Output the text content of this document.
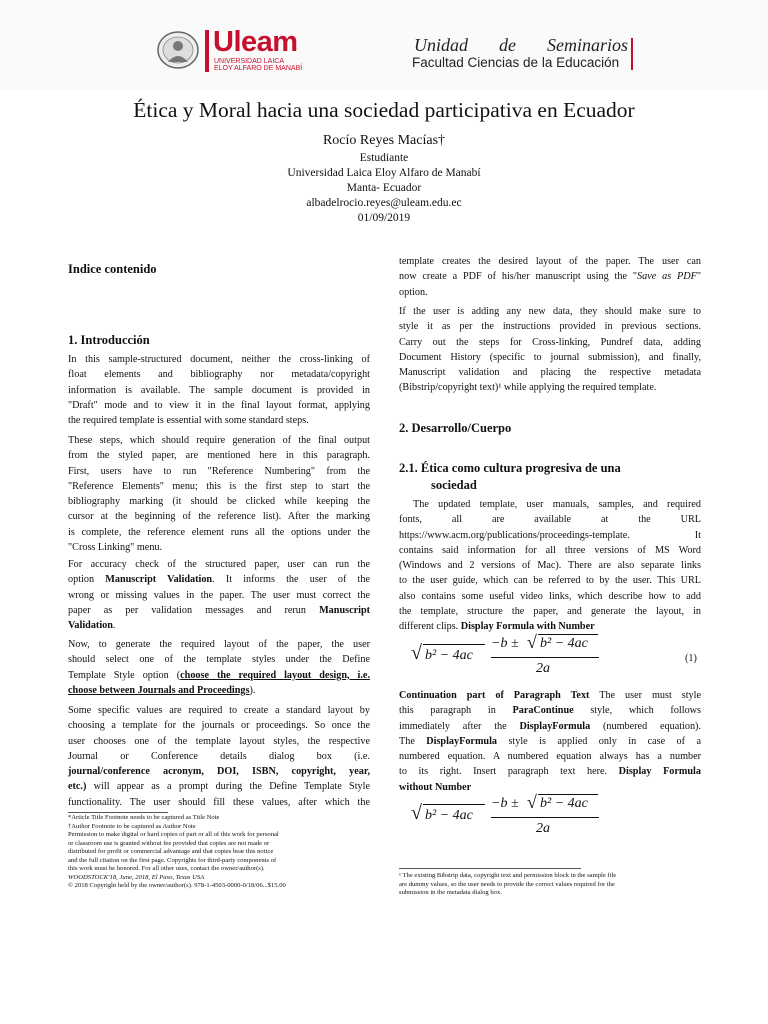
Uleam
UNIVERSIDAD LAICA
ELOY ALFARO DE MANABÍ
Unidad de Seminarios
Facultad Ciencias de la Educación
Ética y Moral hacia una sociedad participativa en Ecuador
Rocío Reyes Macías†
Estudiante
Universidad Laica Eloy Alfaro de Manabí
Manta- Ecuador
albadelrocio.reyes@uleam.edu.ec
01/09/2019
Indice contenido
1. Introducción
In this sample-structured document, neither the cross-linking of
float elements and bibliography nor metadata/copyright
information is available. The sample document is provided in
"Draft" mode and to view it in the final layout format, applying
the required template is essential with some standard steps.
These steps, which should require generation of the final output
from the styled paper, are mentioned here in this paragraph.
First, users have to run "Reference Numbering" from the
"Reference Elements" menu; this is the first step to start the
bibliography marking (it should be clicked while keeping the
cursor at the beginning of the reference list). After the marking
is complete, the reference element runs all the options under the
"Cross Linking" menu.
For accuracy check of the structured paper, user can run the
option Manuscript Validation. It informs the user of the
wrong or missing values in the paper. The user must correct the
paper as per validation messages and rerun Manuscript
Validation.
Now, to generate the required layout of the paper, the user
should select one of the template styles under the Define
Template Style option (choose the required layout design, i.e.
choose between Journals and Proceedings).
Some specific values are required to create a standard layout by
choosing a template for the journals or proceedings. So once the
user chooses one of the template layout styles, the respective
Journal or Conference details dialog box (i.e.
journal/conference acronym, DOI, ISBN, copyright, year,
etc.) will appear as a prompt during the Define Template Style
functionality. The user should fill these values, after which the
*Article Title Footnote needs to be captured as Title Note
†Author Footnote to be captured as Author Note
Permission to make digital or hard copies of part or all of this work for personal
or classroom use is granted without fee provided that copies are not made or
distributed for profit or commercial advantage and that copies bear this notice
and the full citation on the first page. Copyrights for third-party components of
this work must be honored. For all other uses, contact the owner/author(s).
WOODSTOCK'18, June, 2018, El Paso, Texas USA
© 2018 Copyright held by the owner/author(s). 978-1-4503-0000-0/18/06...$15.00
template creates the desired layout of the paper. The user can
now create a PDF of his/her manuscript using the "Save as PDF"
option.
If the user is adding any new data, they should make sure to
style it as per the instructions provided in previous sections.
Carry out the steps for Cross-linking, Pundref data, adding
Document History (specific to journal submission), and finally,
Manuscript validation and placing the respective metadata
(Bibstrip/copyright text)¹ while applying the required template.
2. Desarrollo/Cuerpo
2.1. Ética como cultura progresiva de una
sociedad
The updated template, user manuals, samples, and required
fonts, all are available at the URL
https://www.acm.org/publications/proceedings-template. It
contains said information for all three versions of MS Word
(Windows and 2 versions of Mac). There are also separate links
to the user guide, which can be referred to by the user. This URL
also contains some useful video links, which describe how to add
the template, structure the paper, and generate the layout, in
different clips. Display Formula with Number
√ b² − 4ac
−b ± √ b² − 4ac
2a
(1)
Continuation part of Paragraph Text The user must style
this paragraph in ParaContinue style, which follows
immediately after the DisplayFormula (numbered equation).
The DisplayFormula style is applied only in case of a
numbered equation. A numbered equation always has a number
to its right. Insert paragraph text here. Display Formula
without Number
√ b² − 4ac
−b ± √ b² − 4ac
2a
¹ The existing Bibstrip data, copyright text and permission block in the sample file
are dummy values, so the user needs to provide the correct values required for the
submission in the metadata dialog box.
